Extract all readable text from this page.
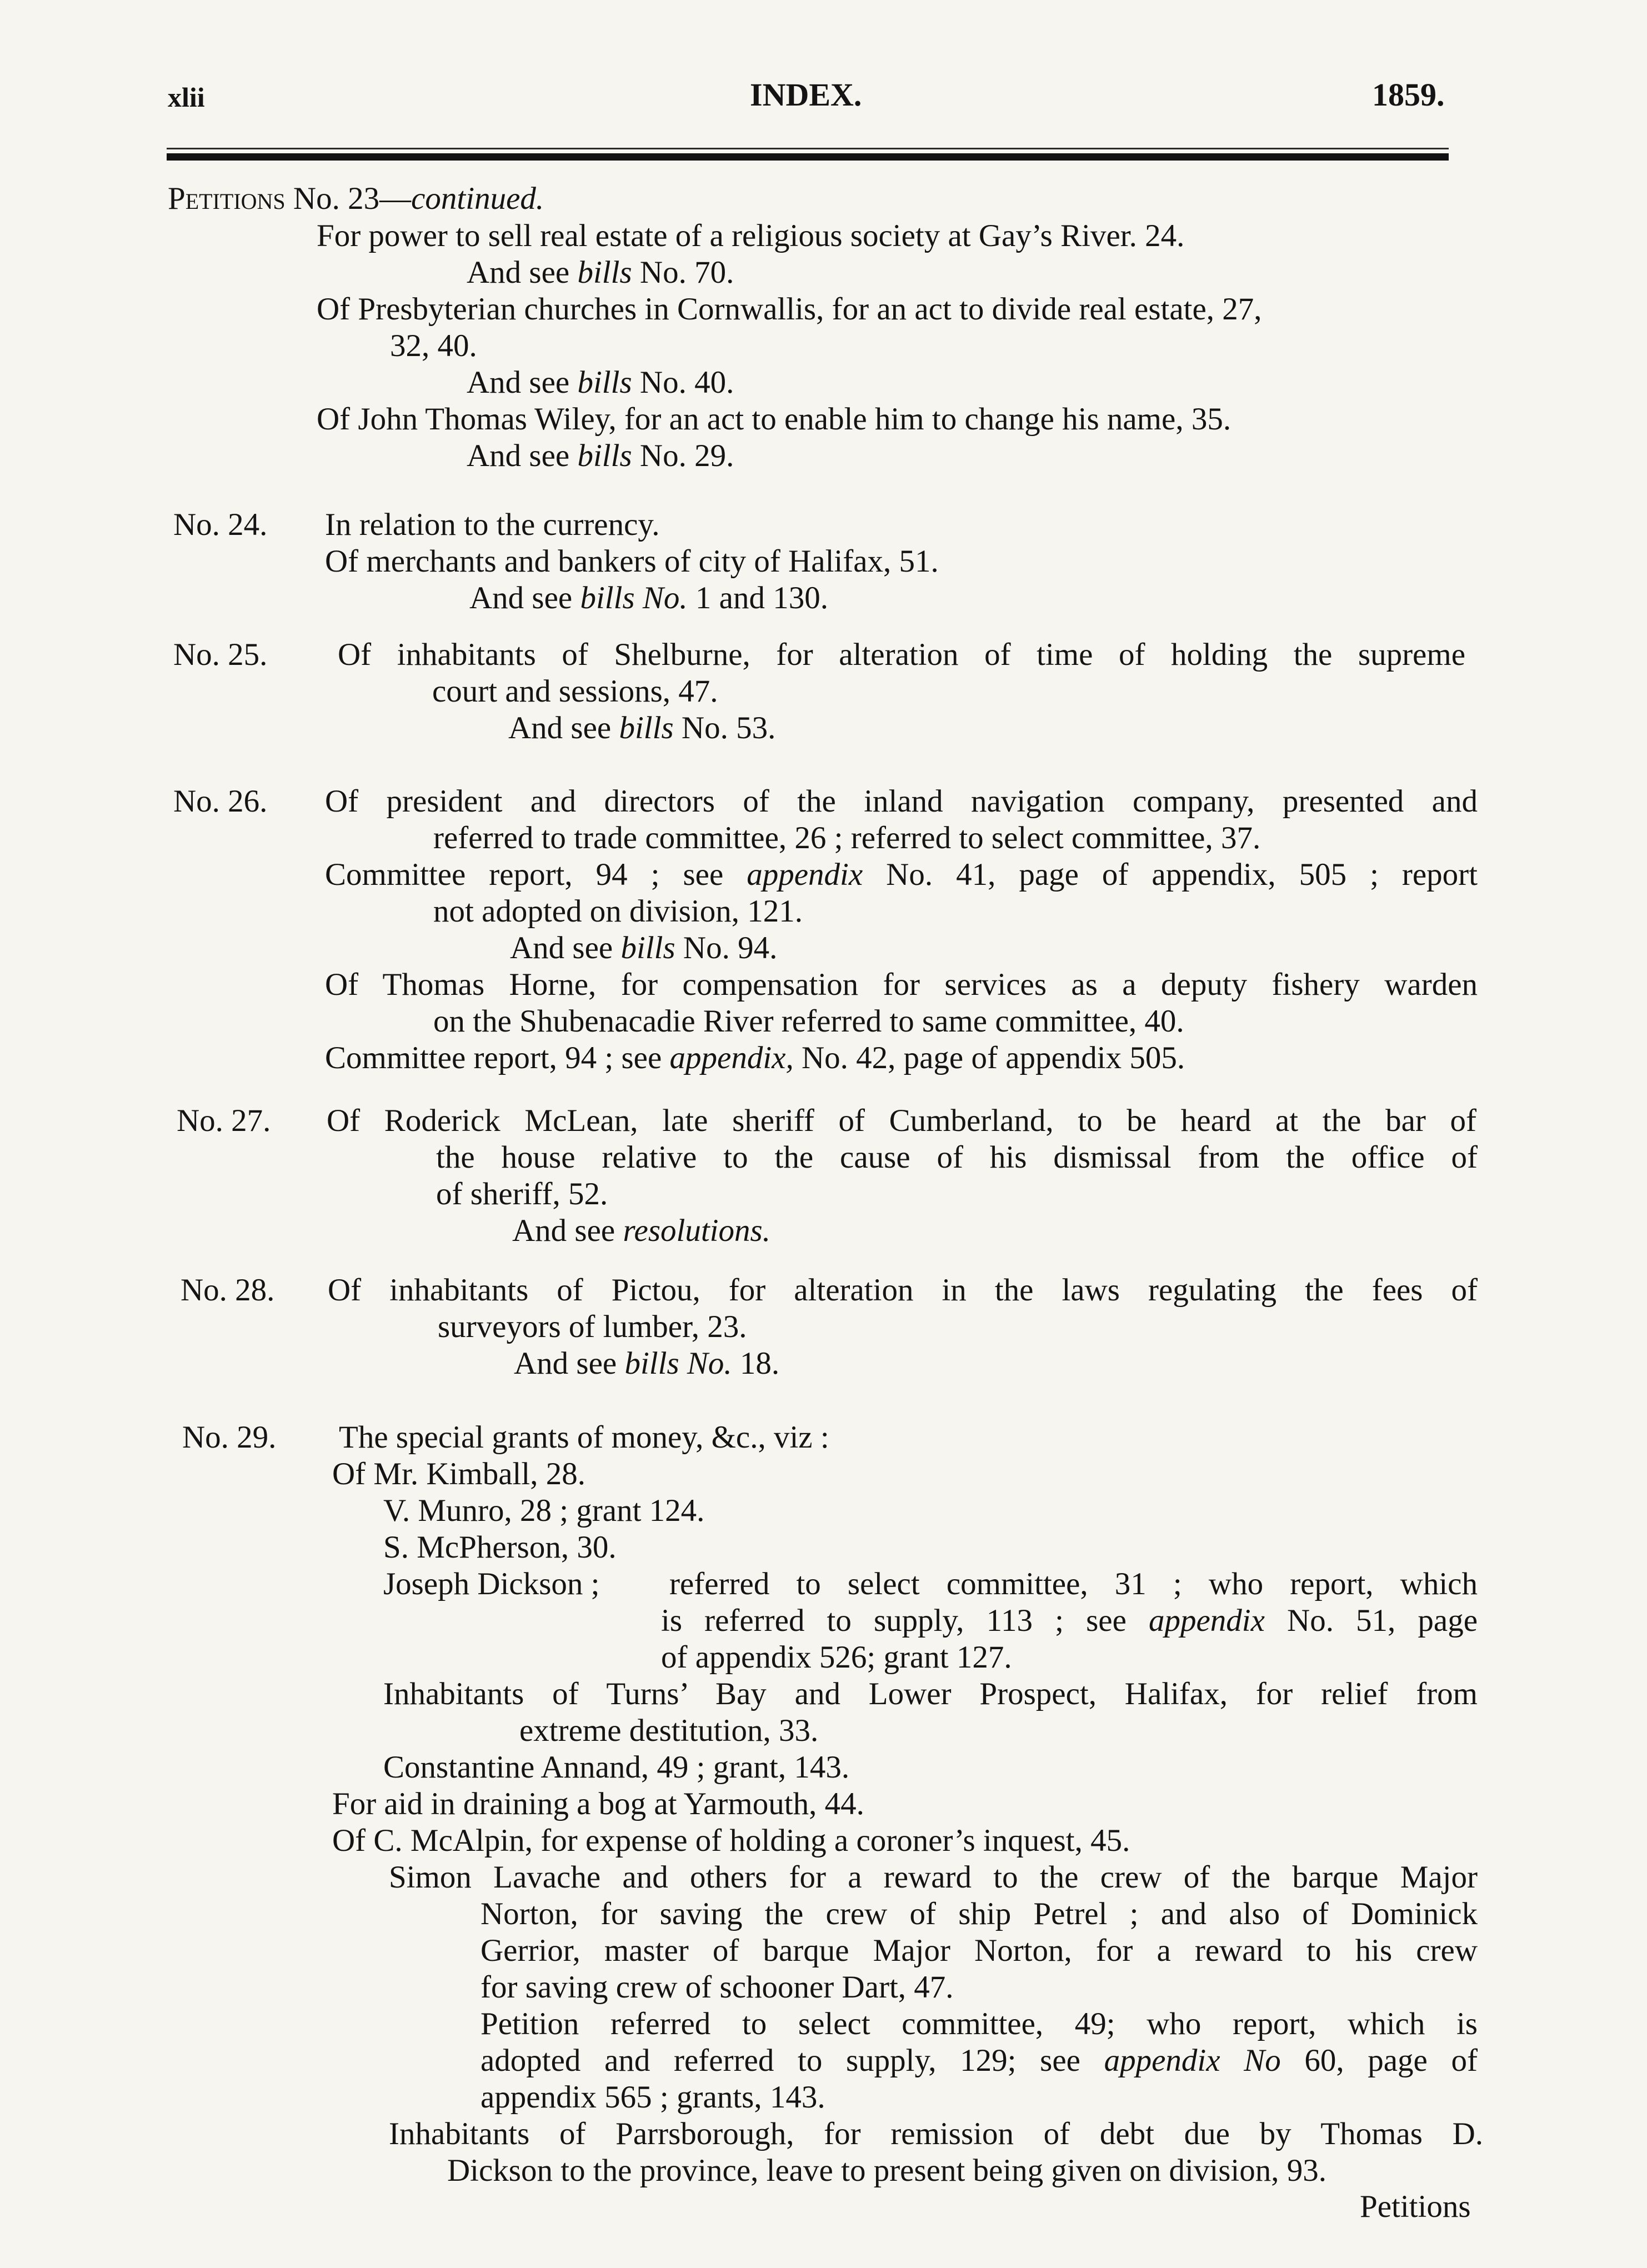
xlii	INDEX.	1859.
Petitions No. 23—continued.
For power to sell real estate of a religious society at Gay’s River. 24.
And see bills No. 70.
Of Presbyterian churches in Cornwallis, for an act to divide real estate, 27,
32, 40.
And see bills No. 40.
Of John Thomas Wiley, for an act to enable him to change his name, 35.
And see bills No. 29.
No. 24. In relation to the currency.
Of merchants and bankers of city of Halifax, 51.
And see bills No. 1 and 130.
No. 25. Of inhabitants of Shelburne, for alteration of time of holding the supreme
court and sessions, 47.
And see bills No. 53.
No. 26. Of president and directors of the inland navigation company, presented and
referred to trade committee, 26 ; referred to select committee, 37.
Committee report, 94 ; see appendix No. 41, page of appendix, 505 ; report
not adopted on division, 121.
And see bills No. 94.
Of Thomas Horne, for compensation for services as a deputy fishery warden
on the Shubenacadie River referred to same committee, 40.
Committee report, 94 ; see appendix, No. 42, page of appendix 505.
No. 27. Of Roderick McLean, late sheriff of Cumberland, to be heard at the bar of
the house relative to the cause of his dismissal from the office of
of sheriff, 52.
And see resolutions.
No. 28. Of inhabitants of Pictou, for alteration in the laws regulating the fees of
surveyors of lumber, 23.
And see bills No. 18.
No. 29. The special grants of money, &c., viz :
Of Mr. Kimball, 28.
V. Munro, 28 ; grant 124.
S. McPherson, 30.
Joseph Dickson ; referred to select committee, 31 ; who report, which
is referred to supply, 113 ; see appendix No. 51, page
of appendix 526; grant 127.
Inhabitants of Turns’ Bay and Lower Prospect, Halifax, for relief from
extreme destitution, 33.
Constantine Annand, 49 ; grant, 143.
For aid in draining a bog at Yarmouth, 44.
Of C. McAlpin, for expense of holding a coroner’s inquest, 45.
Simon Lavache and others for a reward to the crew of the barque Major
Norton, for saving the crew of ship Petrel ; and also of Dominick
Gerrior, master of barque Major Norton, for a reward to his crew
for saving crew of schooner Dart, 47.
Petition referred to select committee, 49; who report, which is
adopted and referred to supply, 129; see appendix No 60, page of
appendix 565 ; grants, 143.
Inhabitants of Parrsborough, for remission of debt due by Thomas D.
Dickson to the province, leave to present being given on division, 93.
Petitions
